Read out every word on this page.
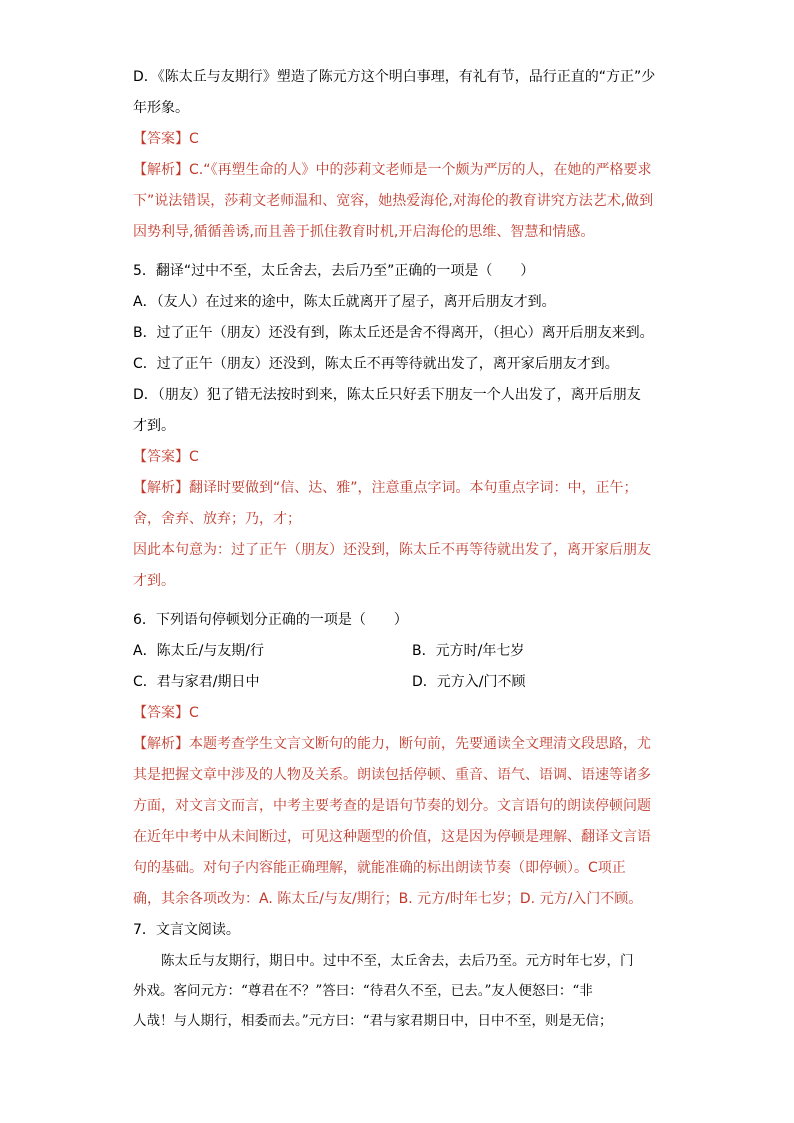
D．《陈太丘与友期行》塑造了陈元方这个明白事理，有礼有节，品行正直的“方正”少

年形象。

【答案】C

【解析】C.“《再塑生命的人》中的莎莉文老师是一个颇为严厉的人，在她的严格要求

下”说法错误，莎莉文老师温和、宽容，她热爱海伦,对海伦的教育讲究方法艺术,做到

因势利导,循循善诱,而且善于抓住教育时机,开启海伦的思维、智慧和情感。

5．翻译“过中不至，太丘舍去，去后乃至”正确的一项是（　　）

A．（友人）在过来的途中，陈太丘就离开了屋子，离开后朋友才到。

B．过了正午（朋友）还没有到，陈太丘还是舍不得离开，（担心）离开后朋友来到。

C．过了正午（朋友）还没到，陈太丘不再等待就出发了，离开家后朋友才到。

D．（朋友）犯了错无法按时到来，陈太丘只好丢下朋友一个人出发了，离开后朋友

才到。

【答案】C

【解析】翻译时要做到“信、达、雅”，注意重点字词。本句重点字词：中，正午；

舍，舍弃、放弃；乃，才；

因此本句意为：过了正午（朋友）还没到，陈太丘不再等待就出发了，离开家后朋友

才到。

6．下列语句停顿划分正确的一项是（　　）

A．陈太丘/与友期/行	B．元方时/年七岁

C．君与家君/期日中	D．元方入/门不顾

【答案】C

【解析】本题考查学生文言文断句的能力，断句前，先要通读全文理清文段思路，尤

其是把握文章中涉及的人物及关系。朗读包括停顿、重音、语气、语调、语速等诸多

方面，对文言文而言，中考主要考查的是语句节奏的划分。文言语句的朗读停顿问题

在近年中考中从未间断过，可见这种题型的价值，这是因为停顿是理解、翻译文言语

句的基础。对句子内容能正确理解，就能准确的标出朗读节奏（即停顿）。C项正

确，其余各项改为：A. 陈太丘/与友/期行；B. 元方/时年七岁；D. 元方/入门不顾。

7．文言文阅读。

陈太丘与友期行，期日中。过中不至，太丘舍去，去后乃至。元方时年七岁，门

外戏。客问元方：“尊君在不？”答曰：“待君久不至，已去。”友人便怒曰：“非

人哉！与人期行，相委而去。”元方曰：“君与家君期日中，日中不至，则是无信；
